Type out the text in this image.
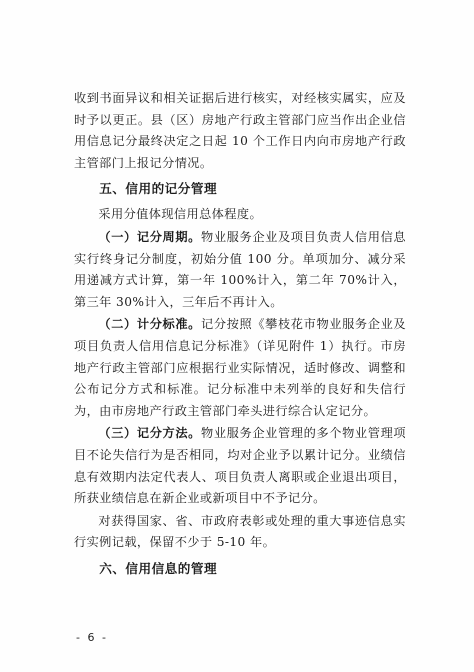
收到书面异议和相关证据后进行核实，对经核实属实，应及时予以更正。县（区）房地产行政主管部门应当作出企业信用信息记分最终决定之日起 10 个工作日内向市房地产行政主管部门上报记分情况。

五、信用的记分管理

采用分值体现信用总体程度。

（一）记分周期。物业服务企业及项目负责人信用信息实行终身记分制度，初始分值 100 分。单项加分、减分采用递减方式计算，第一年 100%计入，第二年 70%计入，第三年 30%计入，三年后不再计入。

（二）计分标准。记分按照《攀枝花市物业服务企业及项目负责人信用信息记分标准》（详见附件 1）执行。市房地产行政主管部门应根据行业实际情况，适时修改、调整和公布记分方式和标准。记分标准中未列举的良好和失信行为，由市房地产行政主管部门牵头进行综合认定记分。

（三）记分方法。物业服务企业管理的多个物业管理项目不论失信行为是否相同，均对企业予以累计记分。业绩信息有效期内法定代表人、项目负责人离职或企业退出项目，所获业绩信息在新企业或新项目中不予记分。

对获得国家、省、市政府表彰或处理的重大事迹信息实行实例记载，保留不少于 5-10 年。

六、信用信息的管理
- 6 -
